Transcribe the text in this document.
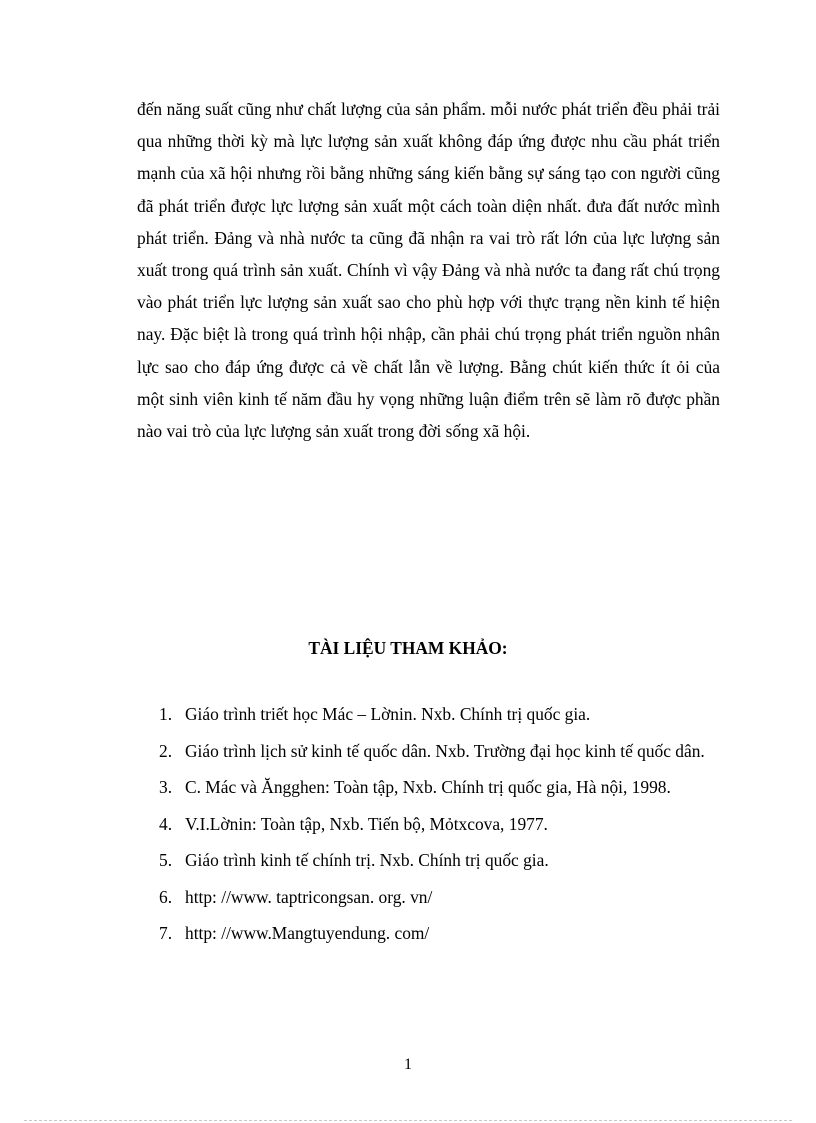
đến năng suất cũng như chất lượng của sản phẩm. mỗi nước phát triển đều phải trải qua những thời kỳ mà lực lượng sản xuất không đáp ứng được nhu cầu phát triển mạnh của xã hội nhưng rồi bằng những sáng kiến bằng sự sáng tạo con người cũng đã phát triển được lực lượng sản xuất một cách toàn diện nhất. đưa đất nước mình phát triển. Đảng và nhà nước ta cũng đã nhận ra vai trò rất lớn của lực lượng sản xuất trong quá trình sản xuất. Chính vì vậy Đảng và nhà nước ta đang rất chú trọng vào phát triển lực lượng sản xuất sao cho phù hợp với thực trạng nền kinh tế hiện nay. Đặc biệt là trong quá trình hội nhập, cần phải chú trọng phát triển nguồn nhân lực sao cho đáp ứng được cả về chất lẫn về lượng. Bằng chút kiến thức ít ỏi của một sinh viên kinh tế năm đầu hy vọng những luận điểm trên sẽ làm rõ được phần nào vai trò của lực lượng sản xuất trong đời sống xã hội.

TÀI LIỆU THAM KHẢO:
1. Giáo trình triết học Mác – Lờnin. Nxb. Chính trị quốc gia.
2. Giáo trình lịch sử kinh tế quốc dân. Nxb. Trường đại học kinh tế quốc dân.
3. C. Mác và Ăngghen: Toàn tập, Nxb. Chính trị quốc gia, Hà nội, 1998.
4. V.I.Lờnin: Toàn tập, Nxb. Tiến bộ, Mỏtxcova, 1977.
5. Giáo trình kinh tế chính trị. Nxb. Chính trị quốc gia.
6. http: //www. taptricongsan. org. vn/
7. http: //www.Mangtuyendung. com/
1
